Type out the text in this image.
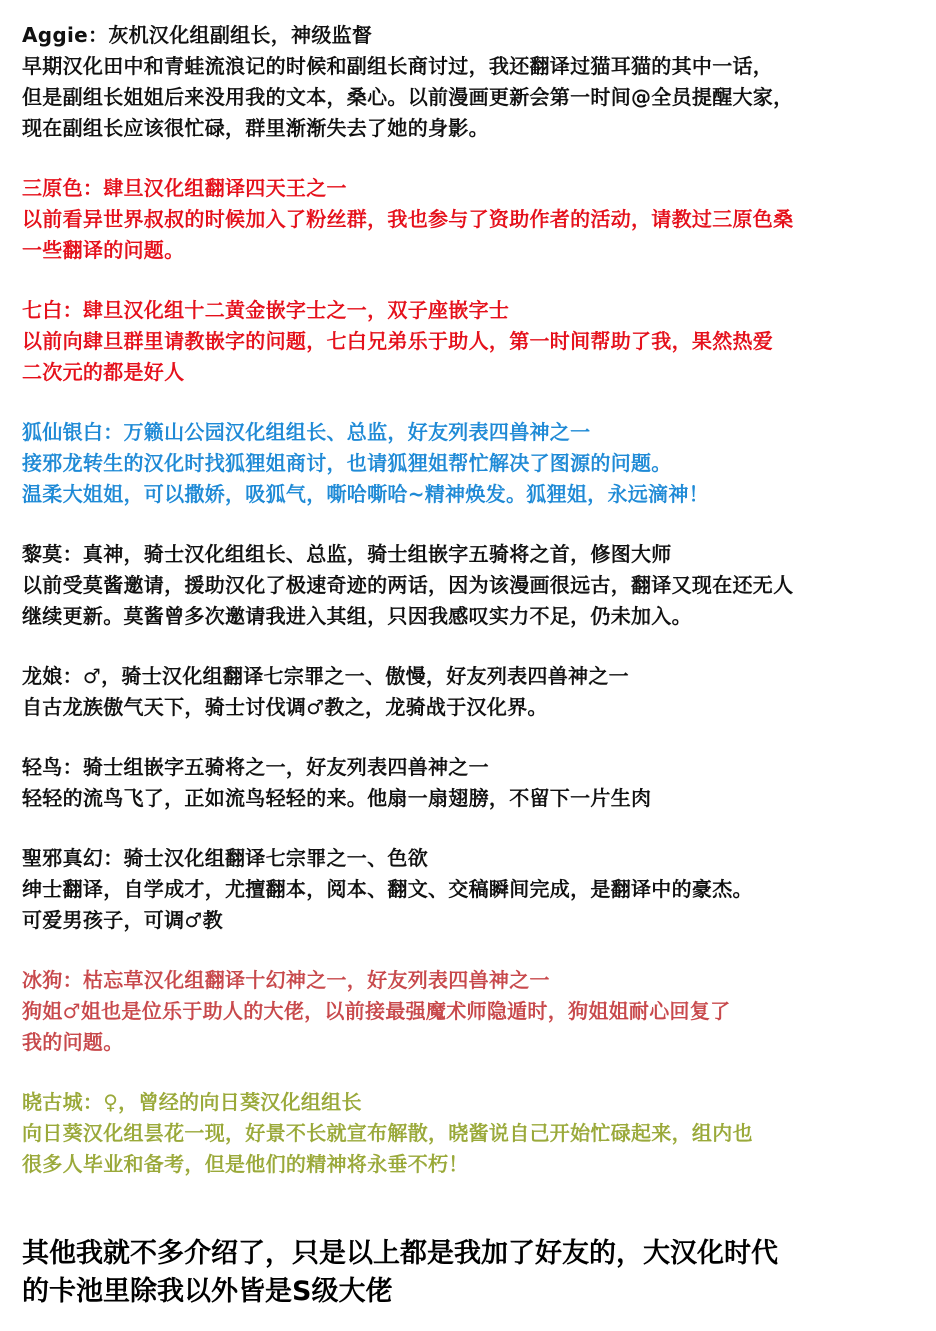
Aggie：灰机汉化组副组长，神级监督

早期汉化田中和青蛙流浪记的时候和副组长商讨过，我还翻译过猫耳猫的其中一话，

但是副组长姐姐后来没用我的文本，桑心。以前漫画更新会第一时间@全员提醒大家，

现在副组长应该很忙碌，群里渐渐失去了她的身影。

三原色：肆旦汉化组翻译四天王之一

以前看异世界叔叔的时候加入了粉丝群，我也参与了资助作者的活动，请教过三原色桑

一些翻译的问题。

七白：肆旦汉化组十二黄金嵌字士之一，双子座嵌字士

以前向肆旦群里请教嵌字的问题，七白兄弟乐于助人，第一时间帮助了我，果然热爱

二次元的都是好人

狐仙银白：万籁山公园汉化组组长、总监，好友列表四兽神之一

接邪龙转生的汉化时找狐狸姐商讨，也请狐狸姐帮忙解决了图源的问题。

温柔大姐姐，可以撒娇，吸狐气，嘶哈嘶哈~精神焕发。狐狸姐，永远滴神！

黎莫：真神，骑士汉化组组长、总监，骑士组嵌字五骑将之首，修图大师

以前受莫酱邀请，援助汉化了极速奇迹的两话，因为该漫画很远古，翻译又现在还无人

继续更新。莫酱曾多次邀请我进入其组，只因我感叹实力不足，仍未加入。

龙娘：♂，骑士汉化组翻译七宗罪之一、傲慢，好友列表四兽神之一

自古龙族傲气天下，骑士讨伐调♂教之，龙骑战于汉化界。

轻鸟：骑士组嵌字五骑将之一，好友列表四兽神之一

轻轻的流鸟飞了，正如流鸟轻轻的来。他扇一扇翅膀，不留下一片生肉

聖邪真幻：骑士汉化组翻译七宗罪之一、色欲

绅士翻译，自学成才，尤擅翻本，阅本、翻文、交稿瞬间完成，是翻译中的豪杰。

可爱男孩子，可调♂教

冰狗：枯忘草汉化组翻译十幻神之一，好友列表四兽神之一

狗姐♂姐也是位乐于助人的大佬，以前接最强魔术师隐遁时，狗姐姐耐心回复了

我的问题。

晓古城：♀，曾经的向日葵汉化组组长

向日葵汉化组昙花一现，好景不长就宣布解散，晓酱说自己开始忙碌起来，组内也

很多人毕业和备考，但是他们的精神将永垂不朽！

其他我就不多介绍了，只是以上都是我加了好友的，大汉化时代

的卡池里除我以外皆是S级大佬
